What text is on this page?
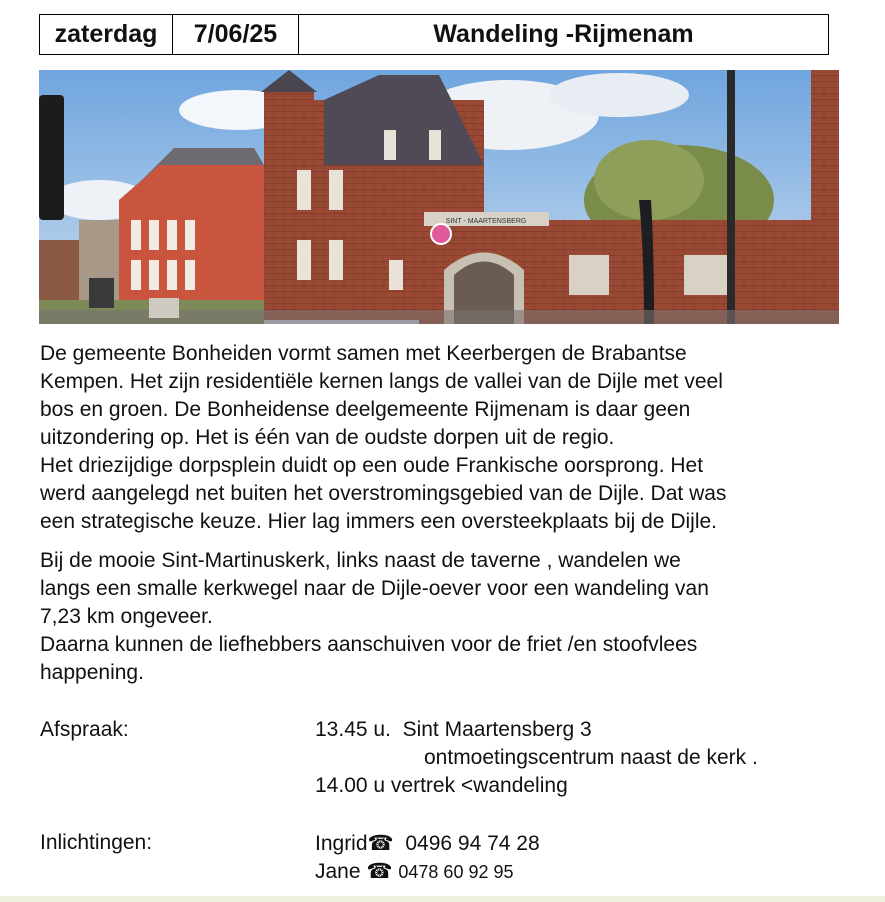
zaterdag	7/06/25	Wandeling -Rijmenam
SINT - MAARTENSBERG
De gemeente Bonheiden vormt samen met Keerbergen de Brabantse
Kempen. Het zijn residentiële kernen langs de vallei van de Dijle met veel
bos en groen. De Bonheidense deelgemeente Rijmenam is daar geen
uitzondering op. Het is één van de oudste dorpen uit de regio.
Het driezijdige dorpsplein duidt op een oude Frankische oorsprong. Het
werd aangelegd net buiten het overstromingsgebied van de Dijle. Dat was
een strategische keuze. Hier lag immers een oversteekplaats bij de Dijle.
Bij de mooie Sint-Martinuskerk, links naast de taverne , wandelen we
langs een smalle kerkwegel naar de Dijle-oever voor een wandeling van
7,23 km ongeveer.
Daarna kunnen de liefhebbers aanschuiven voor de friet /en stoofvlees
happening.
Afspraak:	13.45 u.  Sint Maartensberg 3
ontmoetingscentrum naast de kerk .
14.00 u vertrek <wandeling
Inlichtingen:	Ingrid☎ 0496 94 74 28
Jane ☎ 0478 60 92 95
